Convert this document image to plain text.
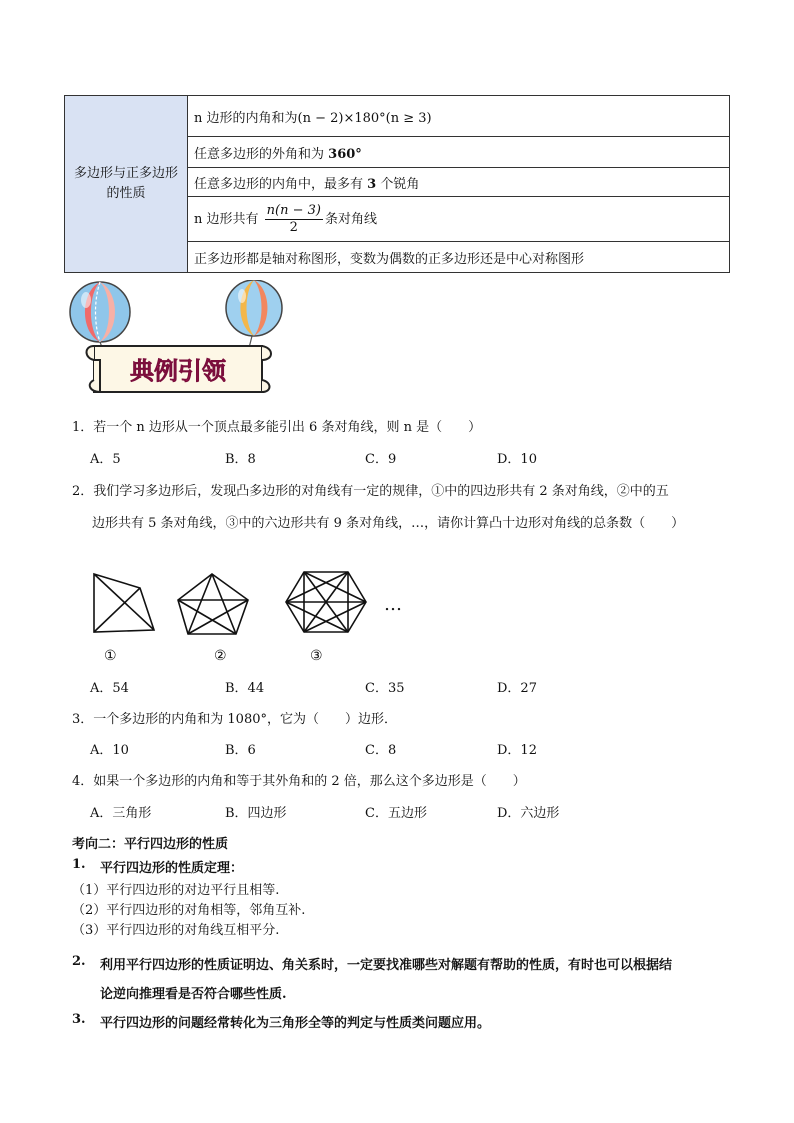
多边形与正多边形的性质	n 边形的内角和为(n − 2)×180°(n ≥ 3)
任意多边形的外角和为 360°
任意多边形的内角中，最多有 3 个锐角
n 边形共有 $\frac{n(n - 3)}{2}$ 条对角线
正多边形都是轴对称图形，变数为偶数的正多边形还是中心对称图形
典例引领
1．若一个 n 边形从一个顶点最多能引出 6 条对角线，则 n 是（　　）
A．5	B．8	C．9	D．10
2．我们学习多边形后，发现凸多边形的对角线有一定的规律，①中的四边形共有 2 条对角线，②中的五
边形共有 5 条对角线，③中的六边形共有 9 条对角线，…，请你计算凸十边形对角线的总条数（　　）
…
①	②	③
A．54	B．44	C．35	D．27
3．一个多边形的内角和为 1080°，它为（　　）边形．
A．10	B．6	C．8	D．12
4．如果一个多边形的内角和等于其外角和的 2 倍，那么这个多边形是（　　）
A．三角形	B．四边形	C．五边形	D．六边形
考向二：平行四边形的性质
1. 平行四边形的性质定理：
（1）平行四边形的对边平行且相等.
（2）平行四边形的对角相等，邻角互补.
（3）平行四边形的对角线互相平分.
2. 利用平行四边形的性质证明边、角关系时，一定要找准哪些对解题有帮助的性质，有时也可以根据结
论逆向推理看是否符合哪些性质.
3. 平行四边形的问题经常转化为三角形全等的判定与性质类问题应用。
